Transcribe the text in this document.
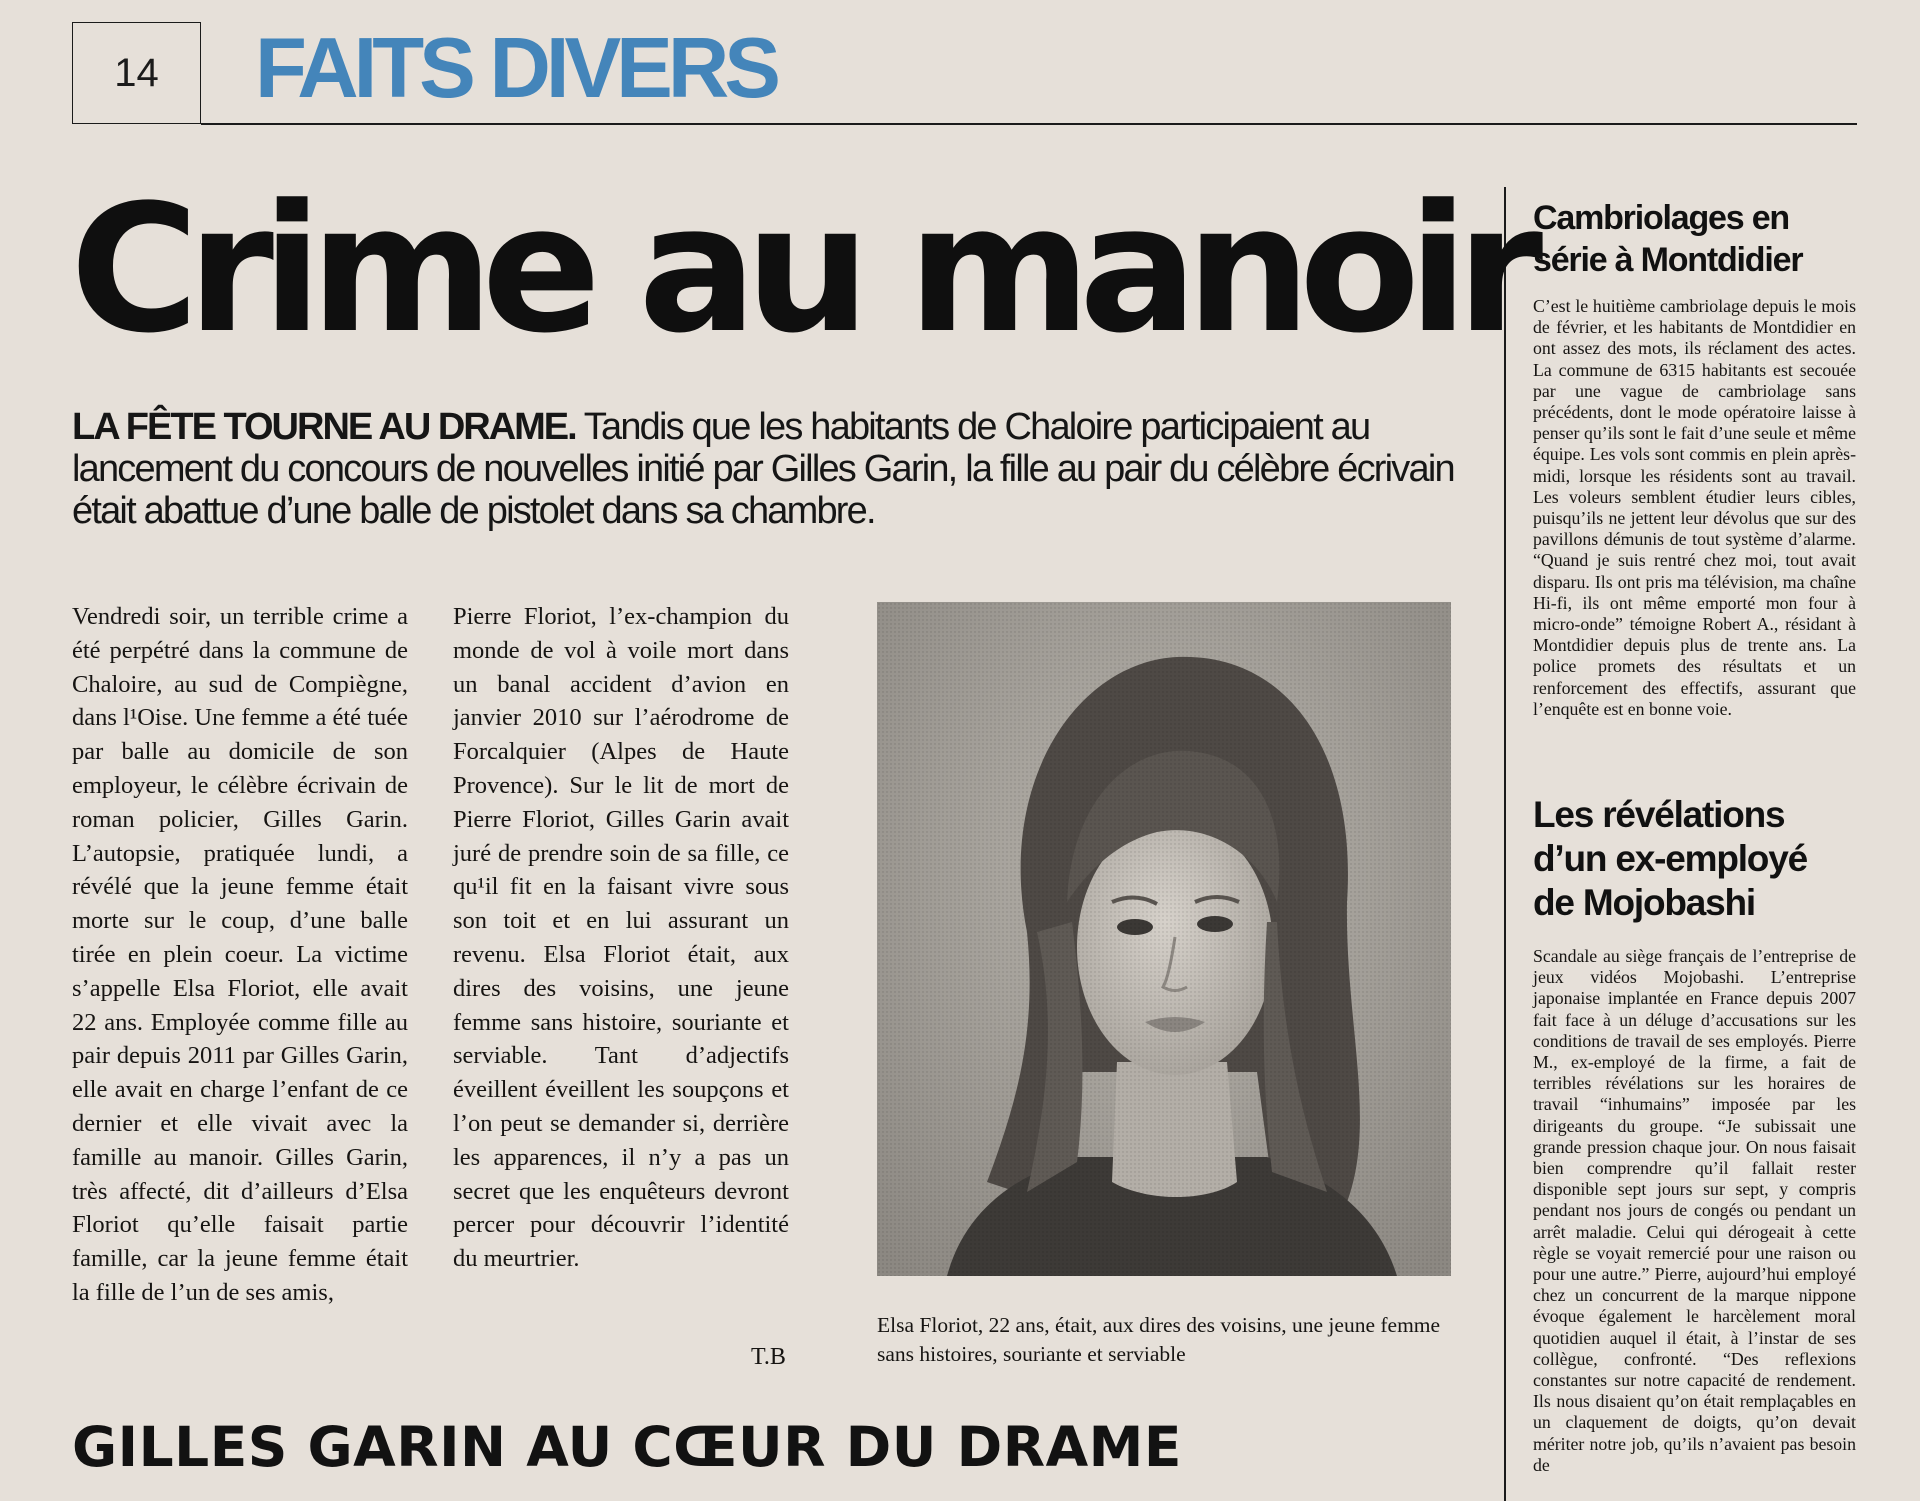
14	FAITS DIVERS
Crime au manoir
LA FÊTE TOURNE AU DRAME. Tandis que les habitants de Chaloire participaient au lancement du concours de nouvelles initié par Gilles Garin, la fille au pair du célèbre écrivain était abattue d’une balle de pistolet dans sa chambre.
Vendredi soir, un terrible crime a été perpétré dans la commune de Chaloire, au sud de Compiègne, dans l¹Oise. Une femme a été tuée par balle au domicile de son employeur, le célèbre écrivain de roman policier, Gilles Garin. L’autopsie, pratiquée lundi, a révélé que la jeune femme était morte sur le coup, d’une balle tirée en plein coeur. La victime s’appelle Elsa Floriot, elle avait 22 ans. Employée comme fille au pair depuis 2011 par Gilles Garin, elle avait en charge l’enfant de ce dernier et elle vivait avec la famille au manoir. Gilles Garin, très affecté, dit d’ailleurs d’Elsa Floriot qu’elle faisait partie famille, car la jeune femme était la fille de l’un de ses amis,
Pierre Floriot, l’ex-champion du monde de vol à voile mort dans un banal accident d’avion en janvier 2010 sur l’aérodrome de Forcalquier (Alpes de Haute Provence). Sur le lit de mort de Pierre Floriot, Gilles Garin avait juré de prendre soin de sa fille, ce qu¹il fit en la faisant vivre sous son toit et en lui assurant un revenu. Elsa Floriot était, aux dires des voisins, une jeune femme sans histoire, souriante et serviable. Tant d’adjectifs éveillent éveillent les soupçons et l’on peut se demander si, derrière les apparences, il n’y a pas un secret que les enquêteurs devront percer pour découvrir l’identité du meurtrier.
T.B
Elsa Floriot, 22 ans, était, aux dires des voisins, une jeune femme sans histoires, souriante et serviable
GILLES GARIN AU CŒUR DU DRAME
Cambriolages en série à Montdidier
C’est le huitième cambriolage depuis le mois de février, et les habitants de Montdidier en ont assez des mots, ils réclament des actes. La commune de 6315 habitants est secouée par une vague de cambriolage sans précédents, dont le mode opératoire laisse à penser qu’ils sont le fait d’une seule et même équipe. Les vols sont commis en plein après-midi, lorsque les résidents sont au travail. Les voleurs semblent étudier leurs cibles, puisqu’ils ne jettent leur dévolus que sur des pavillons démunis de tout système d’alarme. “Quand je suis rentré chez moi, tout avait disparu. Ils ont pris ma télévision, ma chaîne Hi-fi, ils ont même emporté mon four à micro-onde” témoigne Robert A., résidant à Montdidier depuis plus de trente ans. La police promets des résultats et un renforcement des effectifs, assurant que l’enquête est en bonne voie.
Les révélations d’un ex-employé de Mojobashi
Scandale au siège français de l’entreprise de jeux vidéos Mojobashi. L’entreprise japonaise implantée en France depuis 2007 fait face à un déluge d’accusations sur les conditions de travail de ses employés. Pierre M., ex-employé de la firme, a fait de terribles révélations sur les horaires de travail “inhumains” imposée par les dirigeants du groupe. “Je subissait une grande pression chaque jour. On nous faisait bien comprendre qu’il fallait rester disponible sept jours sur sept, y compris pendant nos jours de congés ou pendant un arrêt maladie. Celui qui dérogeait à cette règle se voyait remercié pour une raison ou pour une autre.” Pierre, aujourd’hui employé chez un concurrent de la marque nippone évoque également le harcèlement moral quotidien auquel il était, à l’instar de ses collègue, confronté. “Des reflexions constantes sur notre capacité de rendement. Ils nous disaient qu’on était remplaçables en un claquement de doigts, qu’on devait mériter notre job, qu’ils n’avaient pas besoin de
